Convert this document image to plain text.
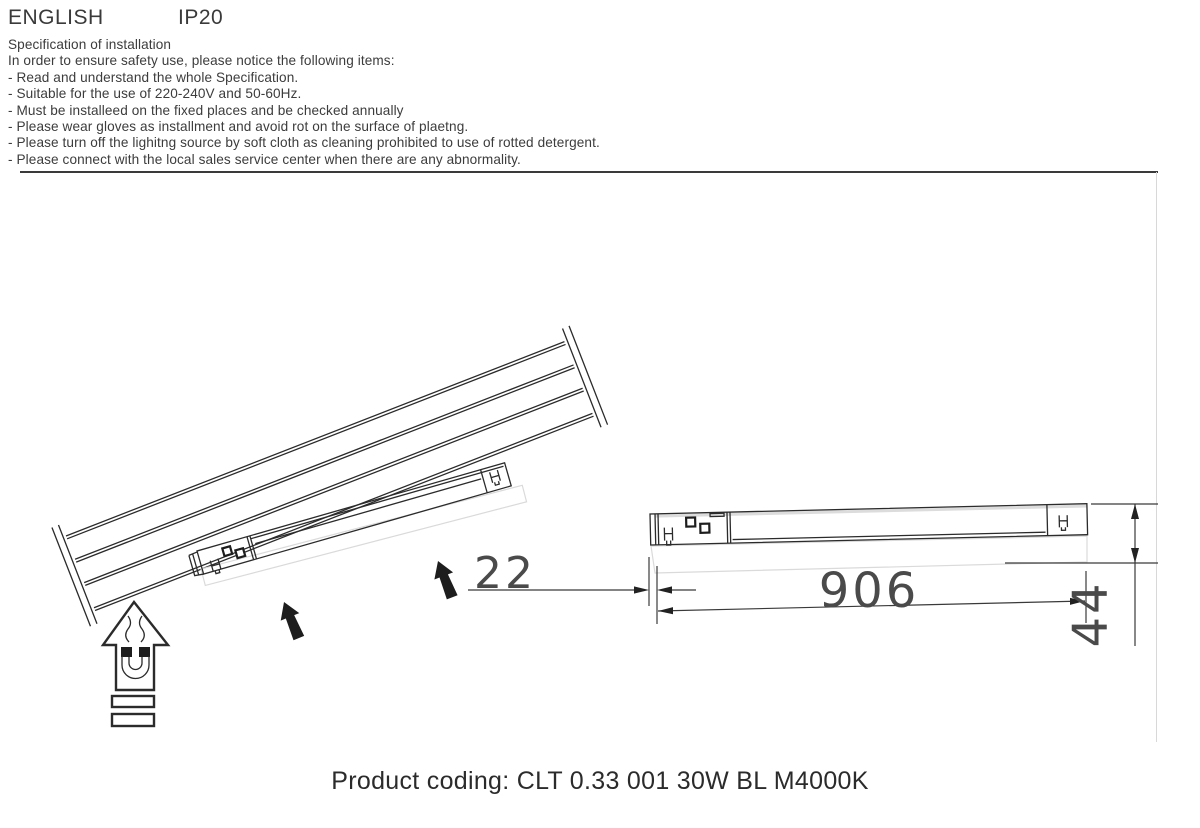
ENGLISH	IP20
Specification of installation
In order to ensure safety use, please notice the following items:
- Read and understand the whole Specification.
- Suitable for the use of 220-240V and 50-60Hz.
- Must be installeed on the fixed places and be checked annually
- Please wear gloves as installment and avoid rot on the surface of plaetng.
- Please turn off the lighitng source by soft cloth as cleaning prohibited to use of rotted detergent.
- Please connect with the local sales service center when there are any abnormality.
22	906	44
Product coding: CLT 0.33 001 30W BL M4000K
